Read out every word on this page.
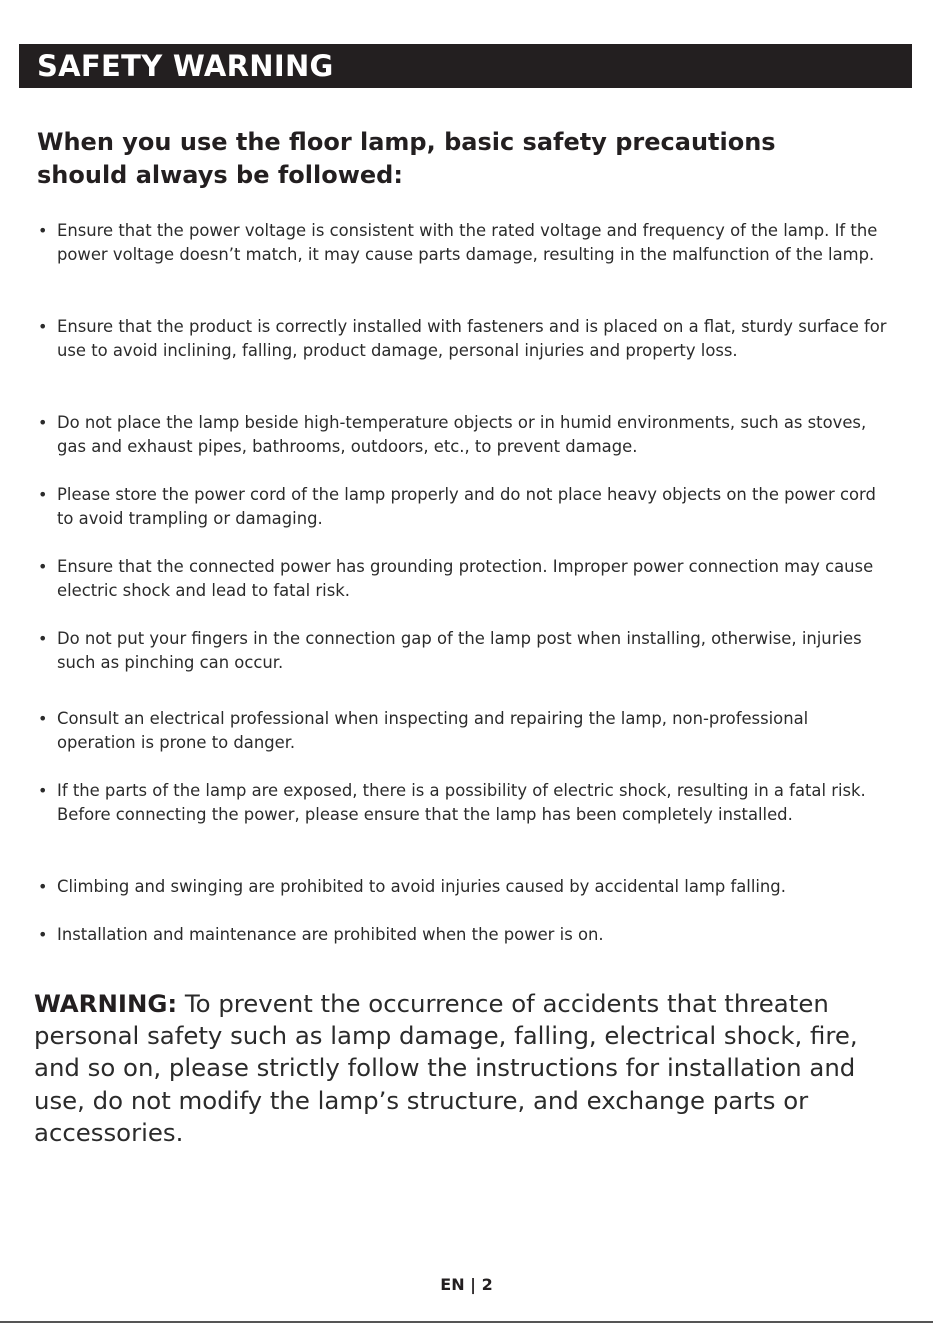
SAFETY WARNING
When you use the floor lamp, basic safety precautions should always be followed:
• Ensure that the power voltage is consistent with the rated voltage and frequency of the lamp. If the power voltage doesn’t match, it may cause parts damage, resulting in the malfunction of the lamp.
• Ensure that the product is correctly installed with fasteners and is placed on a flat, sturdy surface for use to avoid inclining, falling, product damage, personal injuries and property loss.
• Do not place the lamp beside high-temperature objects or in humid environments, such as stoves, gas and exhaust pipes, bathrooms, outdoors, etc., to prevent damage.
• Please store the power cord of the lamp properly and do not place heavy objects on the power cord to avoid trampling or damaging.
• Ensure that the connected power has grounding protection. Improper power connection may cause electric shock and lead to fatal risk.
• Do not put your fingers in the connection gap of the lamp post when installing, otherwise, injuries such as pinching can occur.
• Consult an electrical professional when inspecting and repairing the lamp, non-professional operation is prone to danger.
• If the parts of the lamp are exposed, there is a possibility of electric shock, resulting in a fatal risk. Before connecting the power, please ensure that the lamp has been completely installed.
• Climbing and swinging are prohibited to avoid injuries caused by accidental lamp falling.
• Installation and maintenance are prohibited when the power is on.
WARNING: To prevent the occurrence of accidents that threaten personal safety such as lamp damage, falling, electrical shock, fire, and so on, please strictly follow the instructions for installation and use, do not modify the lamp’s structure, and exchange parts or accessories.
EN | 2
